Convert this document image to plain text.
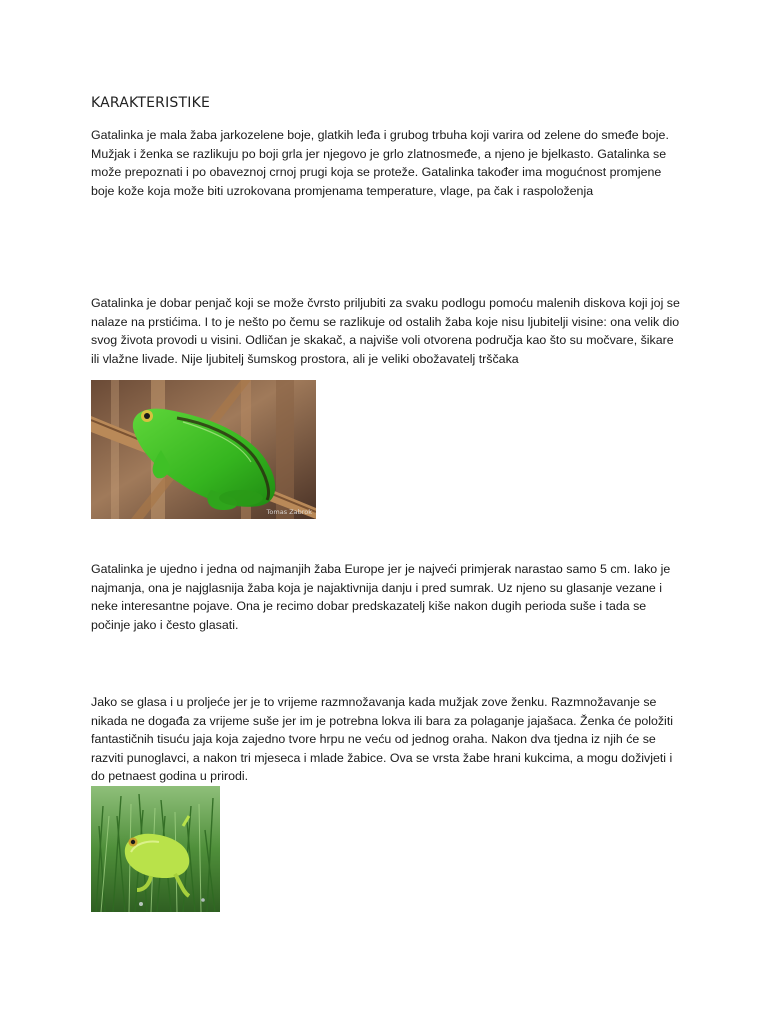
KARAKTERISTIKE

Gatalinka je mala žaba jarkozelene boje, glatkih leđa i grubog trbuha koji varira od zelene do smeđe boje. Mužjak i ženka se razlikuju po boji grla jer njegovo je grlo zlatnosmeđe, a njeno je bjelkasto. Gatalinka se može prepoznati i po obaveznoj crnoj prugi koja se proteže. Gatalinka također ima mogućnost promjene boje kože koja može biti uzrokovana promjenama temperature, vlage, pa čak i raspoloženja

Gatalinka je dobar penjač koji se može čvrsto priljubiti za svaku podlogu pomoću malenih diskova koji joj se nalaze na prstićima. I to je nešto po čemu se razlikuje od ostalih žaba koje nisu ljubitelji visine: ona velik dio svog života provodi u visini. Odličan je skakač, a najviše voli otvorena područja kao što su močvare, šikare ili vlažne livade. Nije ljubitelj šumskog prostora, ali je veliki obožavatelj trščaka

Tomas Zabrok

Gatalinka je ujedno i jedna od najmanjih žaba Europe jer je najveći primjerak narastao samo 5 cm. Iako je najmanja, ona je najglasnija žaba koja je najaktivnija danju i pred sumrak. Uz njeno su glasanje vezane i neke interesantne pojave. Ona je recimo dobar predskazatelj kiše nakon dugih perioda suše i tada se počinje jako i često glasati.

Jako se glasa i u proljeće jer je to vrijeme razmnožavanja kada mužjak zove ženku. Razmnožavanje se nikada ne događa za vrijeme suše jer im je potrebna lokva ili bara za polaganje jajašaca. Ženka će položiti fantastičnih tisuću jaja koja zajedno tvore hrpu ne veću od jednog oraha. Nakon dva tjedna iz njih će se razviti punoglavci, a nakon tri mjeseca i mlade žabice. Ova se vrsta žabe hrani kukcima, a mogu doživjeti i do petnaest godina u prirodi.
